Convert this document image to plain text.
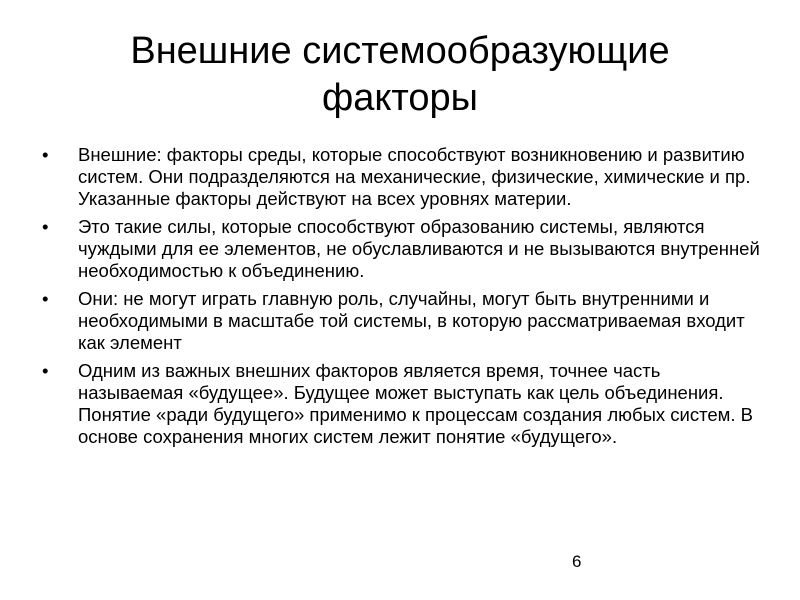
Внешние системообразующие
факторы
•	Внешние: факторы среды, которые способствуют возникновению и развитию систем. Они подразделяются на механические, физические, химические и пр. Указанные факторы действуют на всех уровнях материи.
•	Это такие силы, которые способствуют образованию системы, являются чуждыми для ее элементов, не обуславливаются и не вызываются внутренней необходимостью к объединению.
•	Они: не могут играть главную роль, случайны, могут быть внутренними и необходимыми в масштабе той системы, в которую рассматриваемая входит как элемент
•	Одним из важных внешних факторов является время, точнее часть называемая «будущее». Будущее может выступать как цель объединения. Понятие «ради будущего» применимо к процессам создания любых систем. В основе сохранения многих систем лежит понятие «будущего».
6
